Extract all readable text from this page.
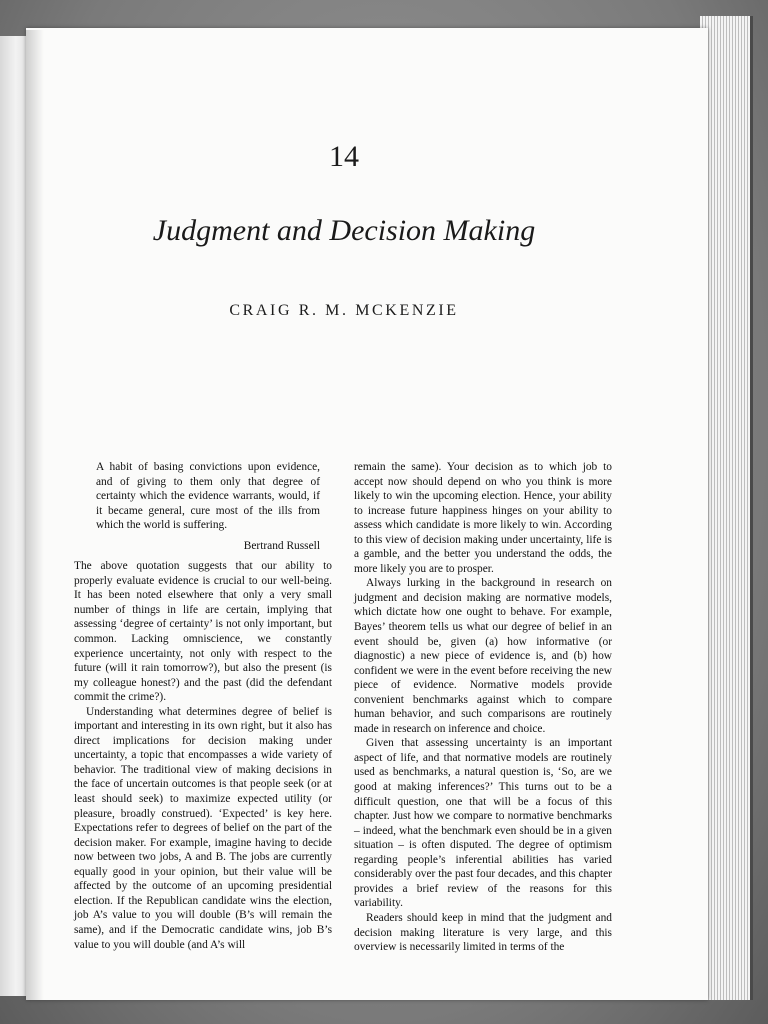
14
Judgment and Decision Making
CRAIG R. M. MCKENZIE

A habit of basing convictions upon evidence, and of giving to them only that degree of certainty which the evidence warrants, would, if it became general, cure most of the ills from which the world is suffering.

Bertrand Russell

The above quotation suggests that our ability to properly evaluate evidence is crucial to our well-being. It has been noted elsewhere that only a very small number of things in life are certain, implying that assessing ‘degree of certainty’ is not only important, but common. Lacking omniscience, we constantly experience uncertainty, not only with respect to the future (will it rain tomorrow?), but also the present (is my colleague honest?) and the past (did the defendant commit the crime?).

Understanding what determines degree of belief is important and interesting in its own right, but it also has direct implications for decision making under uncertainty, a topic that encompasses a wide variety of behavior. The traditional view of making decisions in the face of uncertain outcomes is that people seek (or at least should seek) to maximize expected utility (or pleasure, broadly construed). ‘Expected’ is key here. Expectations refer to degrees of belief on the part of the decision maker. For example, imagine having to decide now between two jobs, A and B. The jobs are currently equally good in your opinion, but their value will be affected by the outcome of an upcoming presidential election. If the Republican candidate wins the election, job A’s value to you will double (B’s will remain the same), and if the Democratic candidate wins, job B’s value to you will double (and A’s will

remain the same). Your decision as to which job to accept now should depend on who you think is more likely to win the upcoming election. Hence, your ability to increase future happiness hinges on your ability to assess which candidate is more likely to win. According to this view of decision making under uncertainty, life is a gamble, and the better you understand the odds, the more likely you are to prosper.

Always lurking in the background in research on judgment and decision making are normative models, which dictate how one ought to behave. For example, Bayes’ theorem tells us what our degree of belief in an event should be, given (a) how informative (or diagnostic) a new piece of evidence is, and (b) how confident we were in the event before receiving the new piece of evidence. Normative models provide convenient benchmarks against which to compare human behavior, and such comparisons are routinely made in research on inference and choice.

Given that assessing uncertainty is an important aspect of life, and that normative models are routinely used as benchmarks, a natural question is, ‘So, are we good at making inferences?’ This turns out to be a difficult question, one that will be a focus of this chapter. Just how we compare to normative benchmarks – indeed, what the benchmark even should be in a given situation – is often disputed. The degree of optimism regarding people’s inferential abilities has varied considerably over the past four decades, and this chapter provides a brief review of the reasons for this variability.

Readers should keep in mind that the judgment and decision making literature is very large, and this overview is necessarily limited in terms of the
